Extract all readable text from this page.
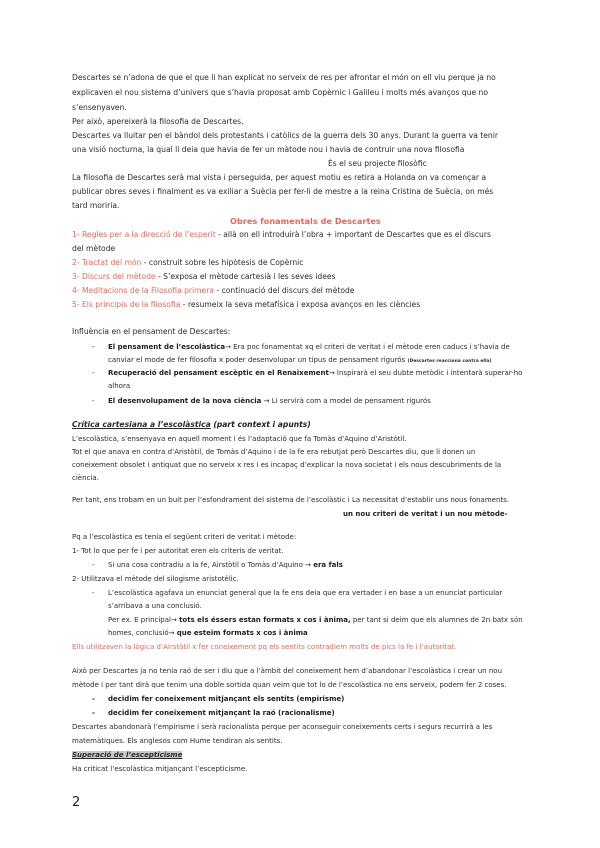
Descartes se n’adona de que el que li han explicat no serveix de res per afrontar el món on ell viu perque ja no
explicaven el nou sistema d’univers que s’havia proposat amb Copèrnic i Galileu i molts més avanços que no
s’ensenyaven.
Per això, apereixerà la filosofia de Descartes.
Descartes va lluitar pen el bàndol dels protestants i catòlics de la guerra dels 30 anys. Durant la guerra va tenir
una visió nocturna, la qual li deia que havia de fer un màtode nou i havia de contruir una nova filosofia
És el seu projecte filosòfic
La filosofia de Descartes serà mal vista i perseguida, per aquest motiu es retira a Holanda on va començar a
publicar obres seves i finalment es va exiliar a Suècia per fer-li de mestre a la reina Cristina de Suècia, on més
tard moriria.
Obres fonamentals de Descartes
1- Regles per a la direcció de l’esperit - allà on ell introduirà l’obra + important de Descartes que es el discurs
del mètode
2- Tractat del món - construit sobre les hipòtesis de Copèrnic
3- Discurs del mètode - S’exposa el mètode cartesià i les seves idees
4- Meditacions de la Filosofia primera - continuació del discurs del mètode
5- Els principis de la filosofia - resumeix la seva metafísica i exposa avanços en les ciències
Influència en el pensament de Descartes:
- El pensament de l’escolàstica→ Era poc fonamentat xq el criteri de veritat i el mètode eren caducs i s’havia de
canviar el mode de fer filosofia x poder desenvolupar un tipus de pensament rigurós (Descartes reacciona contra ella)
- Recuperació del pensament escèptic en el Renaixement→ Inspirarà el seu dubte metòdic i intentarà superar-ho
alhora
- El desenvolupament de la nova ciència → Li servirà com a model de pensament rigurós
Crítica cartesiana a l’escolàstica (part context i apunts)
L’escolàstica, s’ensenyava en aquell moment i és l’adaptació que fa Tomàs d’Aquino d’Aristòtil.
Tot el que anava en contra d’Aristòtil, de Tomàs d’Aquino i de la fe era rebutjat però Descartes diu, que li donen un
coneixement obsolet i antiquat que no serveix x res i es incapaç d’explicar la nova societat i els nous descubriments de la
ciència.
Per tant, ens trobam en un buit per l’esfondrament del sistema de l’escolàstic i La necessitat d’establir uns nous fonaments.
un nou criteri de veritat i un nou mètode-
Pq a l’escolàstica es tenia el següent criteri de veritat i mètode:
1- Tot lo que per fe i per autoritat eren els criteris de veritat.
- Si una cosa contradiu a la fe, Airstòtil o Tomàs d’Aquino → era fals
2- Utilitzava el mètode del silogisme aristotèlic.
- L’escolàstica agafava un enunciat general que la fe ens deia que era vertader i en base a un enunciat particular
s’arribava a una conclusió.
Per ex. E principal→ tots els éssers estan formats x cos i ànima, per tant si deim que els alumnes de 2n batx són
homes, conclusió→ que esteim formats x cos i ànima
Ells utilitzaven la lògica d’Airstòtil x fer coneixement pq els sentits contradiem molts de pics la fe i l’autoritat.
Això per Descartes ja no tenia raó de ser i diu que a l’àmbit del coneixement hem d’abandonar l’escolàstica i crear un nou
mètode i per tant dirà que tenim una doble sortida quan veim que tot lo de l’escolàstica no ens serveix, podem fer 2 coses.
- decidim fer coneixement mitjançant els sentits (empirisme)
- decidim fer coneixement mitjançant la raó (racionalisme)
Descartes abandonarà l’empirisme i serà racionalista perque per aconseguir coneixements certs i segurs recurrirà a les
matemàtiques. Els anglesos com Hume tendiran als sentits.
Superació de l’escepticisme
Ha criticat l’escolàstica mitjançant l’escepticisme.
2
